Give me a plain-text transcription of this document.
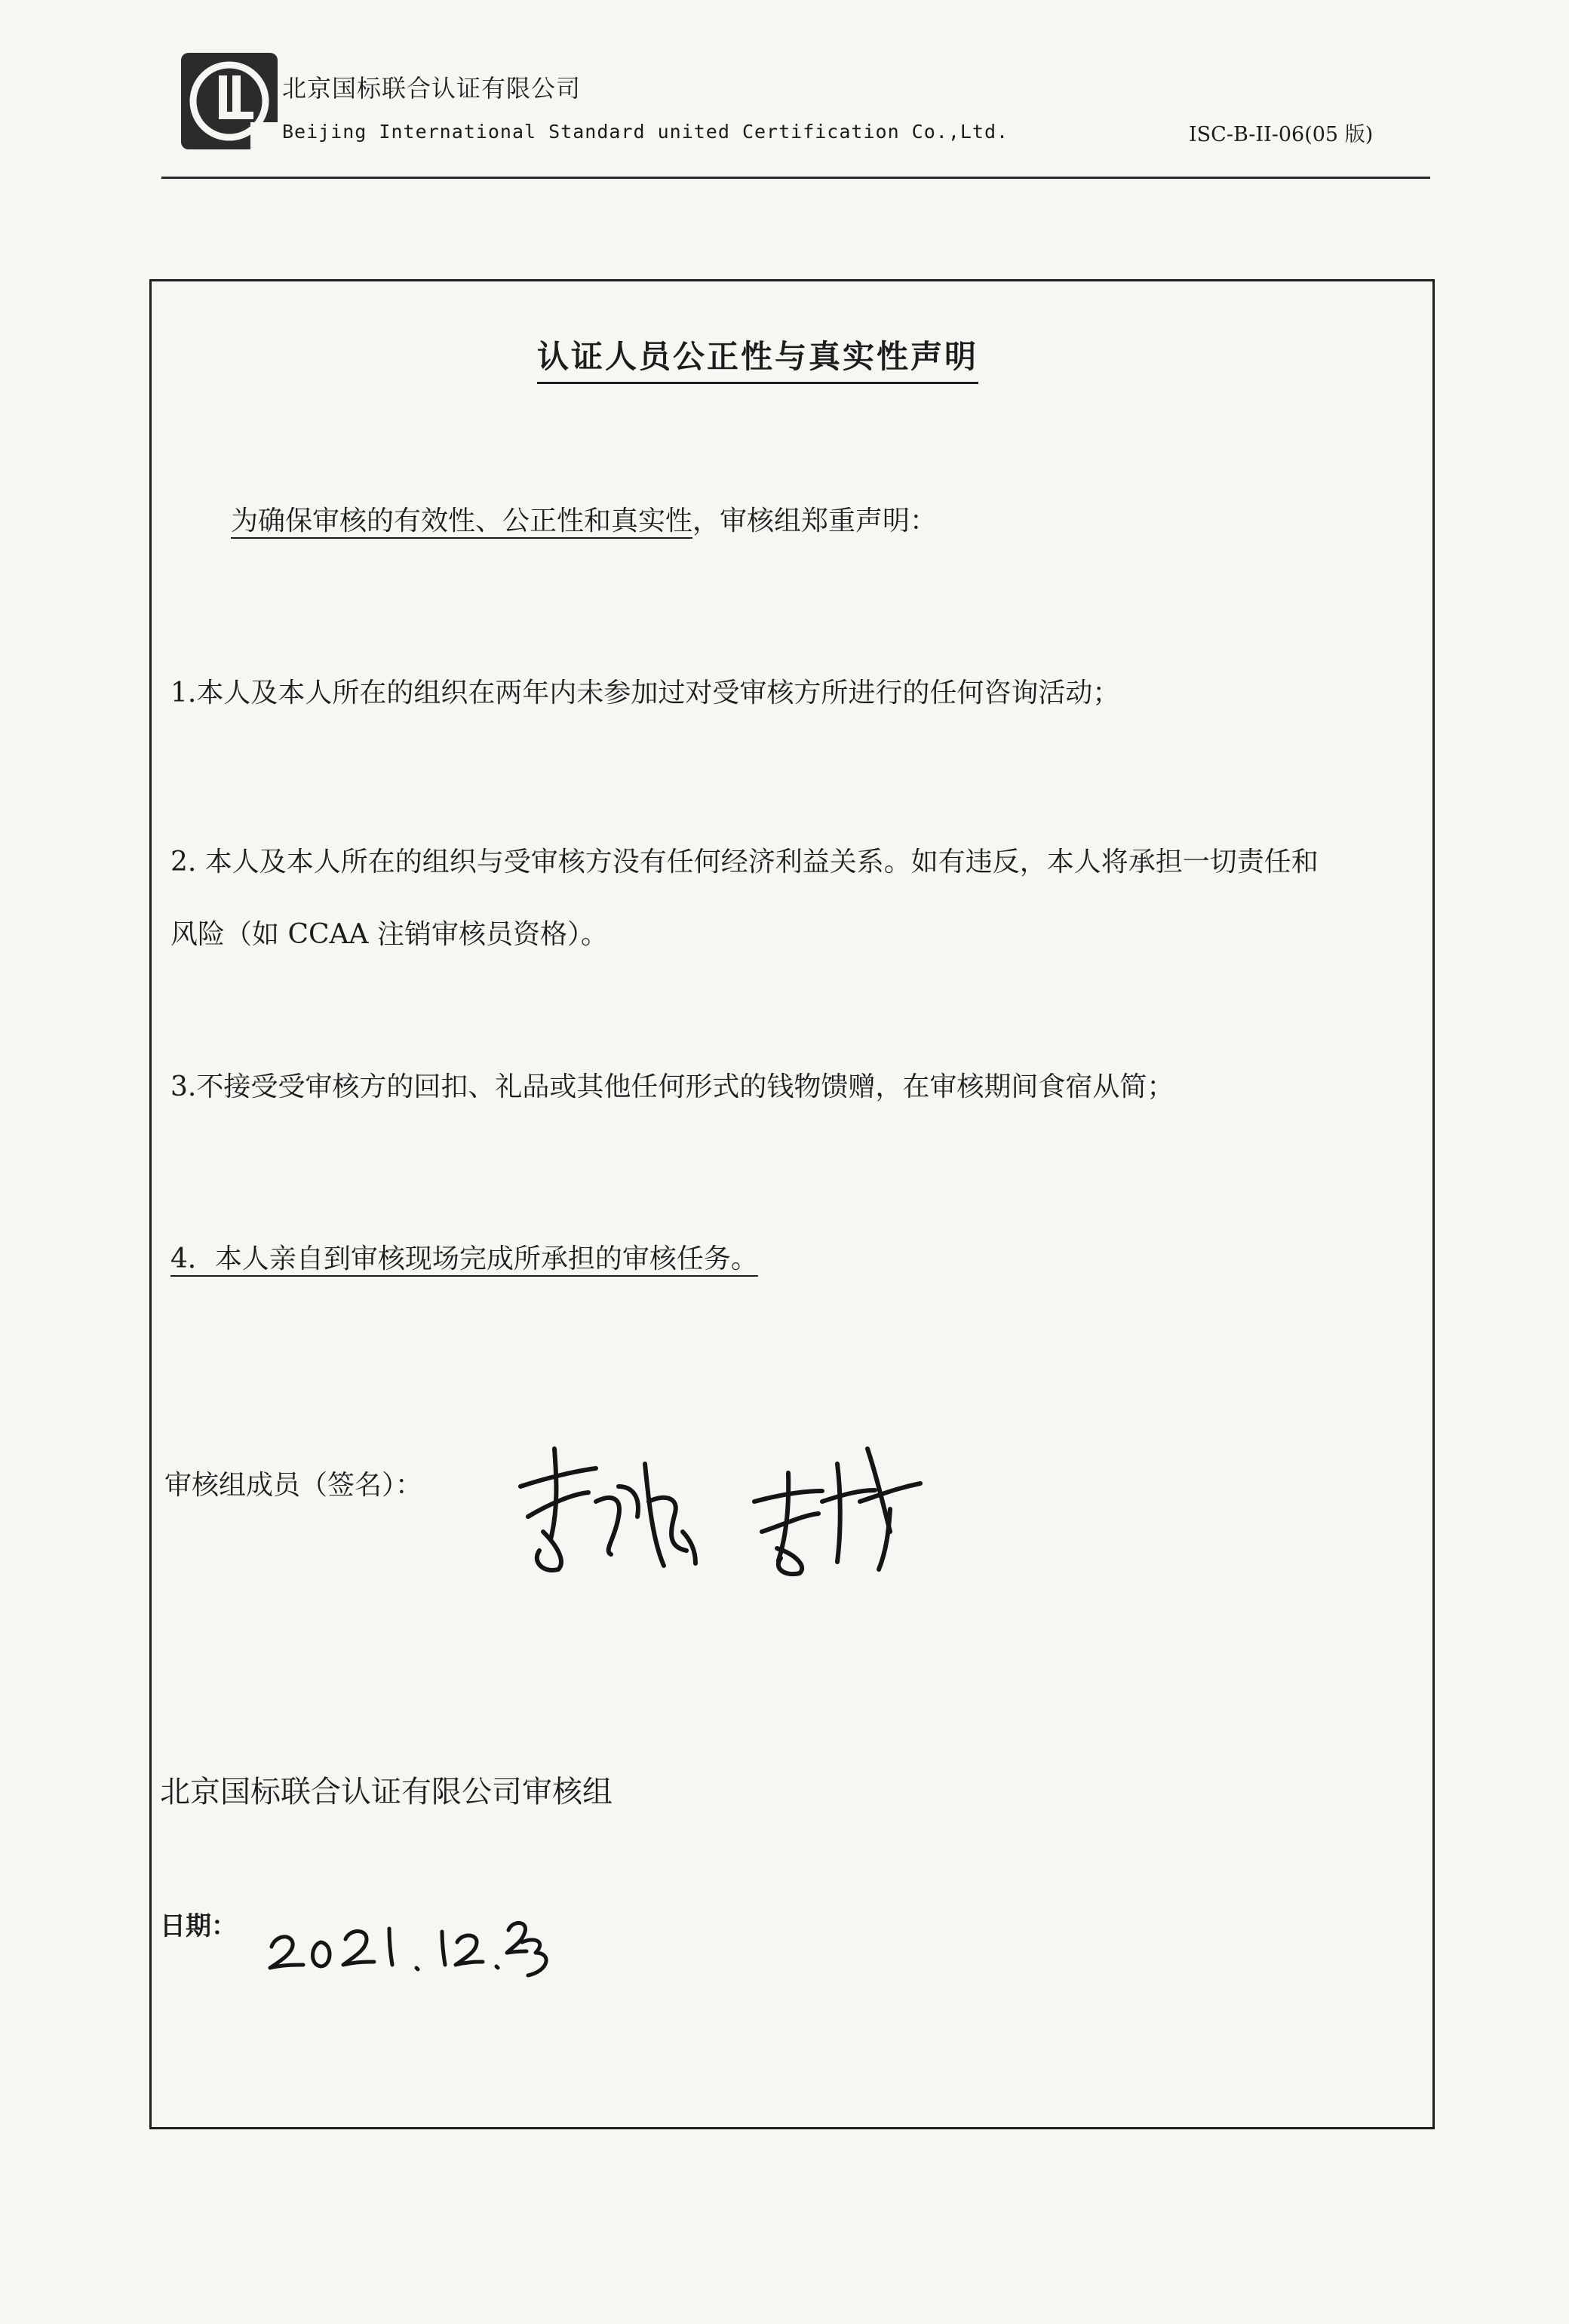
北京国标联合认证有限公司
Beijing International Standard united Certification Co.,Ltd.	ISC-B-II-06(05 版)
认证人员公正性与真实性声明
为确保审核的有效性、公正性和真实性，审核组郑重声明：
1.本人及本人所在的组织在两年内未参加过对受审核方所进行的任何咨询活动；
2. 本人及本人所在的组织与受审核方没有任何经济利益关系。如有违反，本人将承担一切责任和
风险（如 CCAA 注销审核员资格）。
3.不接受受审核方的回扣、礼品或其他任何形式的钱物馈赠，在审核期间食宿从简；
4．本人亲自到审核现场完成所承担的审核任务。
审核组成员（签名）：
北京国标联合认证有限公司审核组
日期：
